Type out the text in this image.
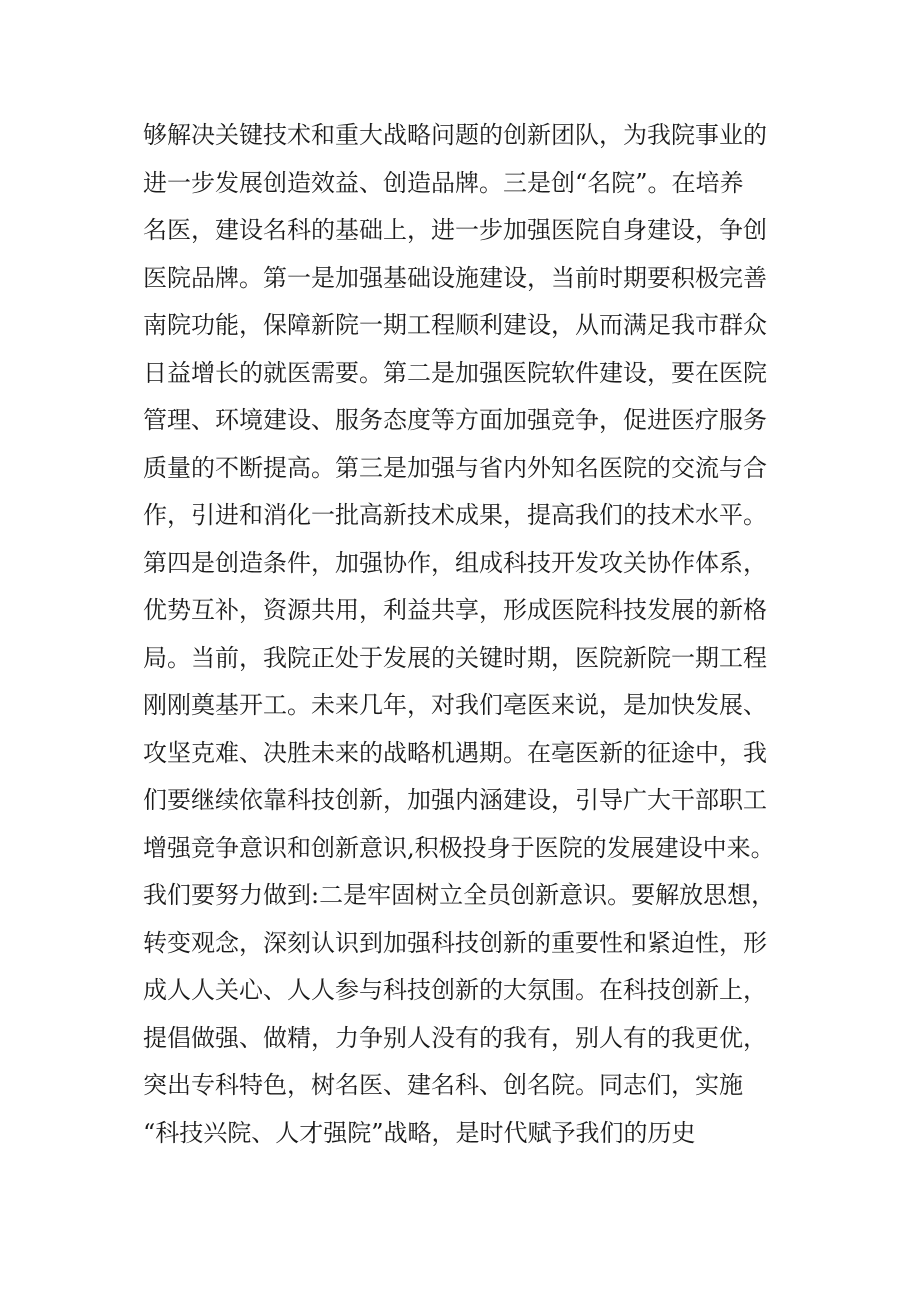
够解决关键技术和重大战略问题的创新团队，为我院事业的
进一步发展创造效益、创造品牌。三是创“名院”。在培养
名医，建设名科的基础上，进一步加强医院自身建设，争创
医院品牌。第一是加强基础设施建设，当前时期要积极完善
南院功能，保障新院一期工程顺利建设，从而满足我市群众
日益增长的就医需要。第二是加强医院软件建设，要在医院
管理、环境建设、服务态度等方面加强竞争，促进医疗服务
质量的不断提高。第三是加强与省内外知名医院的交流与合
作，引进和消化一批高新技术成果，提高我们的技术水平。
第四是创造条件，加强协作，组成科技开发攻关协作体系，
优势互补，资源共用，利益共享，形成医院科技发展的新格
局。当前，我院正处于发展的关键时期，医院新院一期工程
刚刚奠基开工。未来几年，对我们亳医来说，是加快发展、
攻坚克难、决胜未来的战略机遇期。在亳医新的征途中，我
们要继续依靠科技创新，加强内涵建设，引导广大干部职工
增强竞争意识和创新意识,积极投身于医院的发展建设中来。
我们要努力做到:二是牢固树立全员创新意识。要解放思想，
转变观念，深刻认识到加强科技创新的重要性和紧迫性，形
成人人关心、人人参与科技创新的大氛围。在科技创新上，
提倡做强、做精，力争别人没有的我有，别人有的我更优，
突出专科特色，树名医、建名科、创名院。同志们，实施
“科技兴院、人才强院”战略，是时代赋予我们的历史
